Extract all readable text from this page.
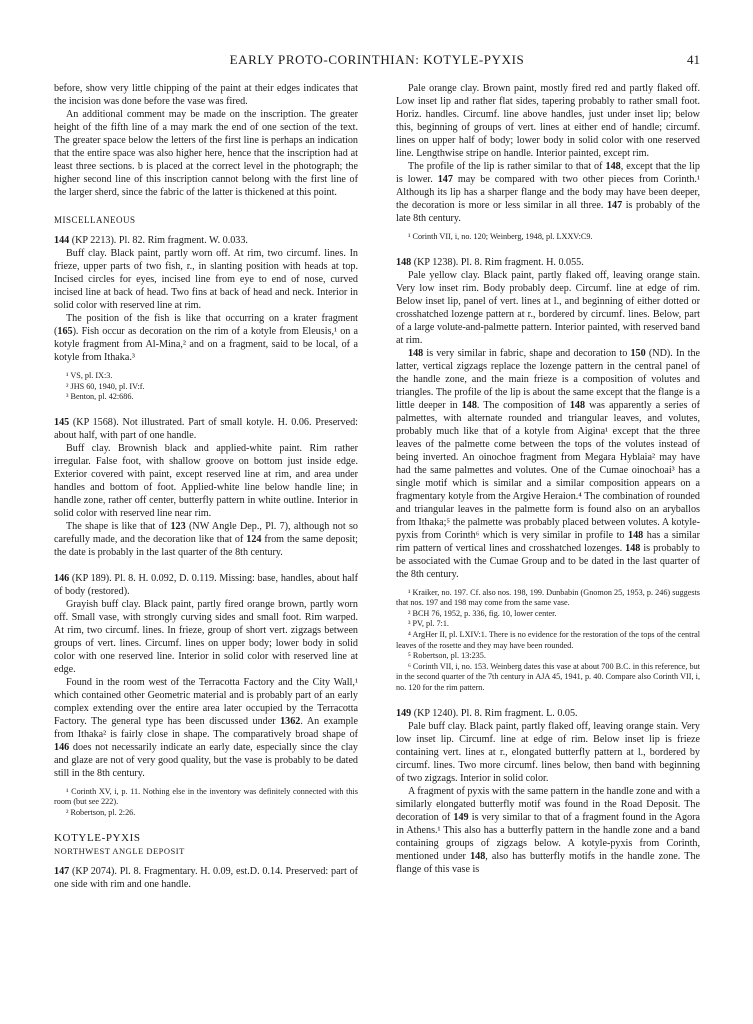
EARLY PROTO-CORINTHIAN: KOTYLE-PYXIS	41

before, show very little chipping of the paint at their edges indicates that the incision was done before the vase was fired.

An additional comment may be made on the inscription. The greater height of the fifth line of a may mark the end of one section of the text. The greater space below the letters of the first line is perhaps an indication that the entire space was also higher here, hence that the inscription had at least three sections. b is placed at the correct level in the photograph; the higher second line of this inscription cannot belong with the first line of the larger sherd, since the fabric of the latter is thickened at this point.

MISCELLANEOUS

144 (KP 2213). Pl. 82. Rim fragment. W. 0.033.

Buff clay. Black paint, partly worn off. At rim, two circumf. lines. In frieze, upper parts of two fish, r., in slanting position with heads at top. Incised circles for eyes, incised line from eye to end of nose, curved incised line at back of head. Two fins at back of head and neck. Interior in solid color with reserved line at rim.

The position of the fish is like that occurring on a krater fragment (165). Fish occur as decoration on the rim of a kotyle from Eleusis,¹ on a kotyle fragment from Al-Mina,² and on a fragment, said to be local, of a kotyle from Ithaka.³

¹ VS, pl. IX:3.

² JHS 60, 1940, pl. IV:f.

³ Benton, pl. 42:686.

145 (KP 1568). Not illustrated. Part of small kotyle. H. 0.06. Preserved: about half, with part of one handle.

Buff clay. Brownish black and applied-white paint. Rim rather irregular. False foot, with shallow groove on bottom just inside edge. Exterior covered with paint, except reserved line at rim, and area under handles and bottom of foot. Applied-white line below handle line; in handle zone, rather off center, butterfly pattern in white outline. Interior in solid color with reserved line near rim.

The shape is like that of 123 (NW Angle Dep., Pl. 7), although not so carefully made, and the decoration like that of 124 from the same deposit; the date is probably in the last quarter of the 8th century.

146 (KP 189). Pl. 8. H. 0.092, D. 0.119. Missing: base, handles, about half of body (restored).

Grayish buff clay. Black paint, partly fired orange brown, partly worn off. Small vase, with strongly curving sides and small foot. Rim warped. At rim, two circumf. lines. In frieze, group of short vert. zigzags between groups of vert. lines. Circumf. lines on upper body; lower body in solid color with one reserved line. Interior in solid color with reserved line at edge.

Found in the room west of the Terracotta Factory and the City Wall,¹ which contained other Geometric material and is probably part of an early complex extending over the entire area later occupied by the Terracotta Factory. The general type has been discussed under 1362. An example from Ithaka² is fairly close in shape. The comparatively broad shape of 146 does not necessarily indicate an early date, especially since the clay and glaze are not of very good quality, but the vase is probably to be dated still in the 8th century.

¹ Corinth XV, i, p. 11. Nothing else in the inventory was definitely connected with this room (but see 222).

² Robertson, pl. 2:26.

KOTYLE-PYXIS
NORTHWEST ANGLE DEPOSIT

147 (KP 2074). Pl. 8. Fragmentary. H. 0.09, est.D. 0.14. Preserved: part of one side with rim and one handle.

Pale orange clay. Brown paint, mostly fired red and partly flaked off. Low inset lip and rather flat sides, tapering probably to rather small foot. Horiz. handles. Circumf. line above handles, just under inset lip; below this, beginning of groups of vert. lines at either end of handle; circumf. lines on upper half of body; lower body in solid color with one reserved line. Lengthwise stripe on handle. Interior painted, except rim.

The profile of the lip is rather similar to that of 148, except that the lip is lower. 147 may be compared with two other pieces from Corinth.¹ Although its lip has a sharper flange and the body may have been deeper, the decoration is more or less similar in all three. 147 is probably of the late 8th century.

¹ Corinth VII, i, no. 120; Weinberg, 1948, pl. LXXV:C9.

148 (KP 1238). Pl. 8. Rim fragment. H. 0.055.

Pale yellow clay. Black paint, partly flaked off, leaving orange stain. Very low inset rim. Body probably deep. Circumf. line at edge of rim. Below inset lip, panel of vert. lines at l., and beginning of either dotted or crosshatched lozenge pattern at r., bordered by circumf. lines. Below, part of a large volute-and-palmette pattern. Interior painted, with reserved band at rim.

148 is very similar in fabric, shape and decoration to 150 (ND). In the latter, vertical zigzags replace the lozenge pattern in the central panel of the handle zone, and the main frieze is a composition of volutes and triangles. The profile of the lip is about the same except that the flange is a little deeper in 148. The composition of 148 was apparently a series of palmettes, with alternate rounded and triangular leaves, and volutes, probably much like that of a kotyle from Aigina¹ except that the three leaves of the palmette come between the tops of the volutes instead of being inverted. An oinochoe fragment from Megara Hyblaia² may have had the same palmettes and volutes. One of the Cumae oinochoai³ has a single motif which is similar and a similar composition appears on a fragmentary kotyle from the Argive Heraion.⁴ The combination of rounded and triangular leaves in the palmette form is found also on an aryballos from Ithaka;⁵ the palmette was probably placed between volutes. A kotyle-pyxis from Corinth⁶ which is very similar in profile to 148 has a similar rim pattern of vertical lines and crosshatched lozenges. 148 is probably to be associated with the Cumae Group and to be dated in the last quarter of the 8th century.

¹ Kraiker, no. 197. Cf. also nos. 198, 199. Dunbabin (Gnomon 25, 1953, p. 246) suggests that nos. 197 and 198 may come from the same vase.

² BCH 76, 1952, p. 336, fig. 10, lower center.

³ PV, pl. 7:1.

⁴ ArgHer II, pl. LXIV:1. There is no evidence for the restoration of the tops of the central leaves of the rosette and they may have been rounded.

⁵ Robertson, pl. 13:235.

⁶ Corinth VII, i, no. 153. Weinberg dates this vase at about 700 B.C. in this reference, but in the second quarter of the 7th century in AJA 45, 1941, p. 40. Compare also Corinth VII, i, no. 120 for the rim pattern.

149 (KP 1240). Pl. 8. Rim fragment. L. 0.05.

Pale buff clay. Black paint, partly flaked off, leaving orange stain. Very low inset lip. Circumf. line at edge of rim. Below inset lip is frieze containing vert. lines at r., elongated butterfly pattern at l., bordered by circumf. lines. Two more circumf. lines below, then band with beginning of two zigzags. Interior in solid color.

A fragment of pyxis with the same pattern in the handle zone and with a similarly elongated butterfly motif was found in the Road Deposit. The decoration of 149 is very similar to that of a fragment found in the Agora in Athens.¹ This also has a butterfly pattern in the handle zone and a band containing groups of zigzags below. A kotyle-pyxis from Corinth, mentioned under 148, also has butterfly motifs in the handle zone. The flange of this vase is
